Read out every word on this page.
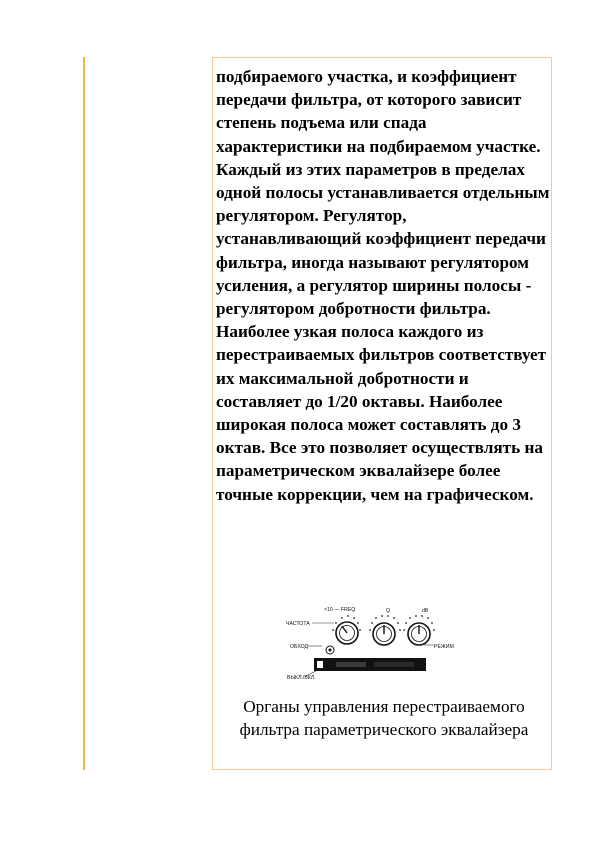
подбираемого участка, и коэффициент передачи фильтра, от которого зависит степень подъема или спада характеристики на подбираемом участке. Каждый из этих параметров в пределах одной полосы устанавливается отдельным регулятором. Регулятор, устанавливающий коэффициент передачи фильтра, иногда называют регулятором усиления, а регулятор ширины полосы - регулятором добротности фильтра. Наиболее узкая полоса каждого из перестраиваемых фильтров соответствует их максимальной добротности и составляет до 1/20 октавы. Наиболее широкая полоса может составлять до 3 октав. Все это позволяет осуществлять на параметрическом эквалайзере более точные коррекции, чем на графическом.

ЧАСТОТА
ОБХОД
ВЫКЛ./ВКЛ.
×10 — FREQ	Q	dB
РЕЖИМ

Органы управления перестраиваемого фильтра параметрического эквалайзера
